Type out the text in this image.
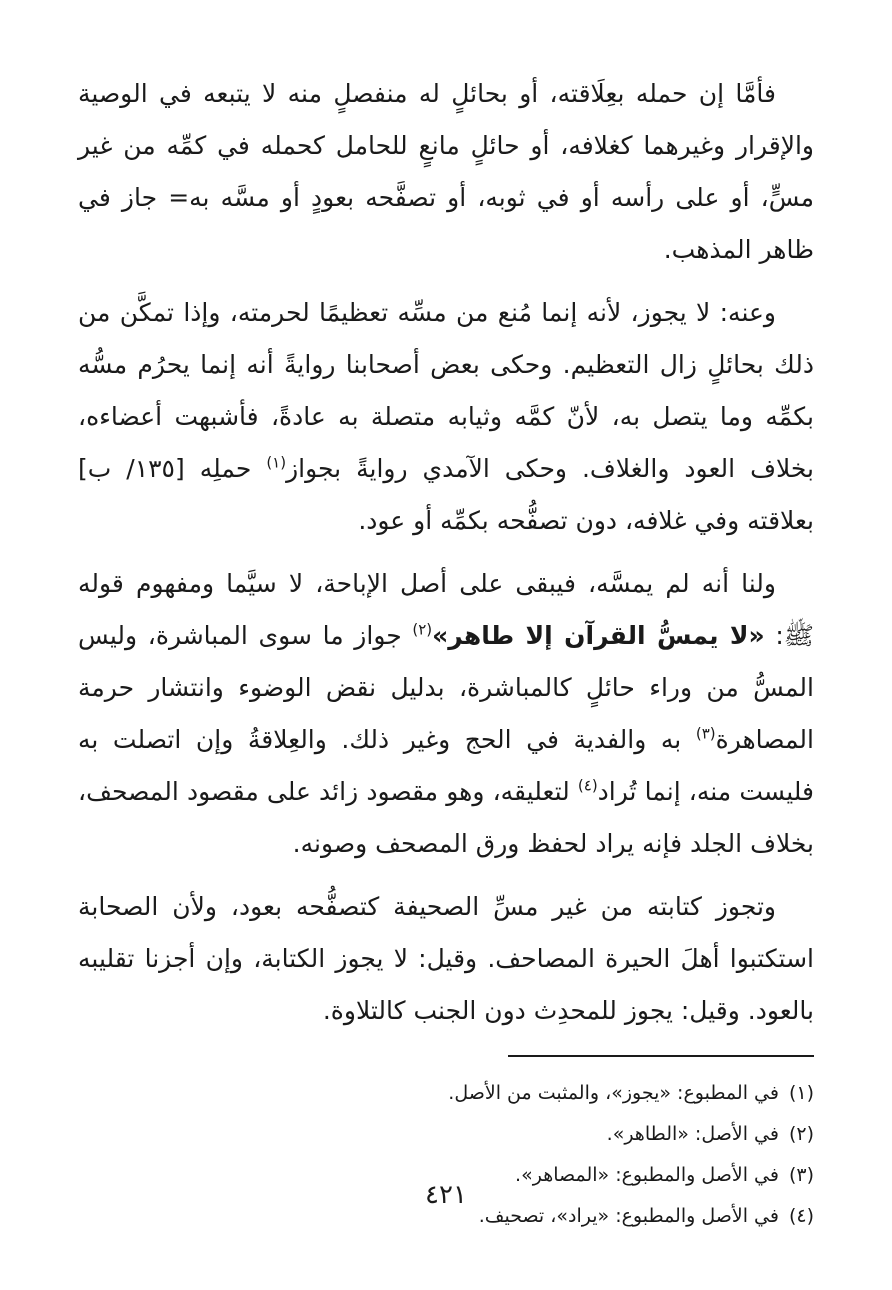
فأمَّا إن حمله بعِلَاقته، أو بحائلٍ له منفصلٍ منه لا يتبعه في الوصية والإقرار وغيرهما كغلافه، أو حائلٍ مانعٍ للحامل كحمله في كمِّه من غير مسٍّ، أو على رأسه أو في ثوبه، أو تصفَّحه بعودٍ أو مسَّه به= جاز في ظاهر المذهب.

وعنه: لا يجوز، لأنه إنما مُنع من مسِّه تعظيمًا لحرمته، وإذا تمكَّن من ذلك بحائلٍ زال التعظيم. وحكى بعض أصحابنا روايةً أنه إنما يحرُم مسُّه بكمِّه وما يتصل به، لأنّ كمَّه وثيابه متصلة به عادةً، فأشبهت أعضاءه، بخلاف العود والغلاف. وحكى الآمدي روايةً بجواز$^{(١)}$ حملِه [١٣٥/ ب] بعلاقته وفي غلافه، دون تصفُّحه بكمِّه أو عود.

ولنا أنه لم يمسَّه، فيبقى على أصل الإباحة، لا سيَّما ومفهوم قوله ﷺ: «لا يمسُّ القرآن إلا طاهر»$^{(٢)}$ جواز ما سوى المباشرة، وليس المسُّ من وراء حائلٍ كالمباشرة، بدليل نقض الوضوء وانتشار حرمة المصاهرة$^{(٣)}$ به والفدية في الحج وغير ذلك. والعِلاقةُ وإن اتصلت به فليست منه، إنما تُراد$^{(٤)}$ لتعليقه، وهو مقصود زائد على مقصود المصحف، بخلاف الجلد فإنه يراد لحفظ ورق المصحف وصونه.

وتجوز كتابته من غير مسِّ الصحيفة كتصفُّحه بعود، ولأن الصحابة استكتبوا أهلَ الحيرة المصاحف. وقيل: لا يجوز الكتابة، وإن أجزنا تقليبه بالعود. وقيل: يجوز للمحدِث دون الجنب كالتلاوة.

(١)في المطبوع: «يجوز»، والمثبت من الأصل.
(٢)في الأصل: «الطاهر».
(٣)في الأصل والمطبوع: «المصاهر».
(٤)في الأصل والمطبوع: «يراد»، تصحيف.
٤٢١
